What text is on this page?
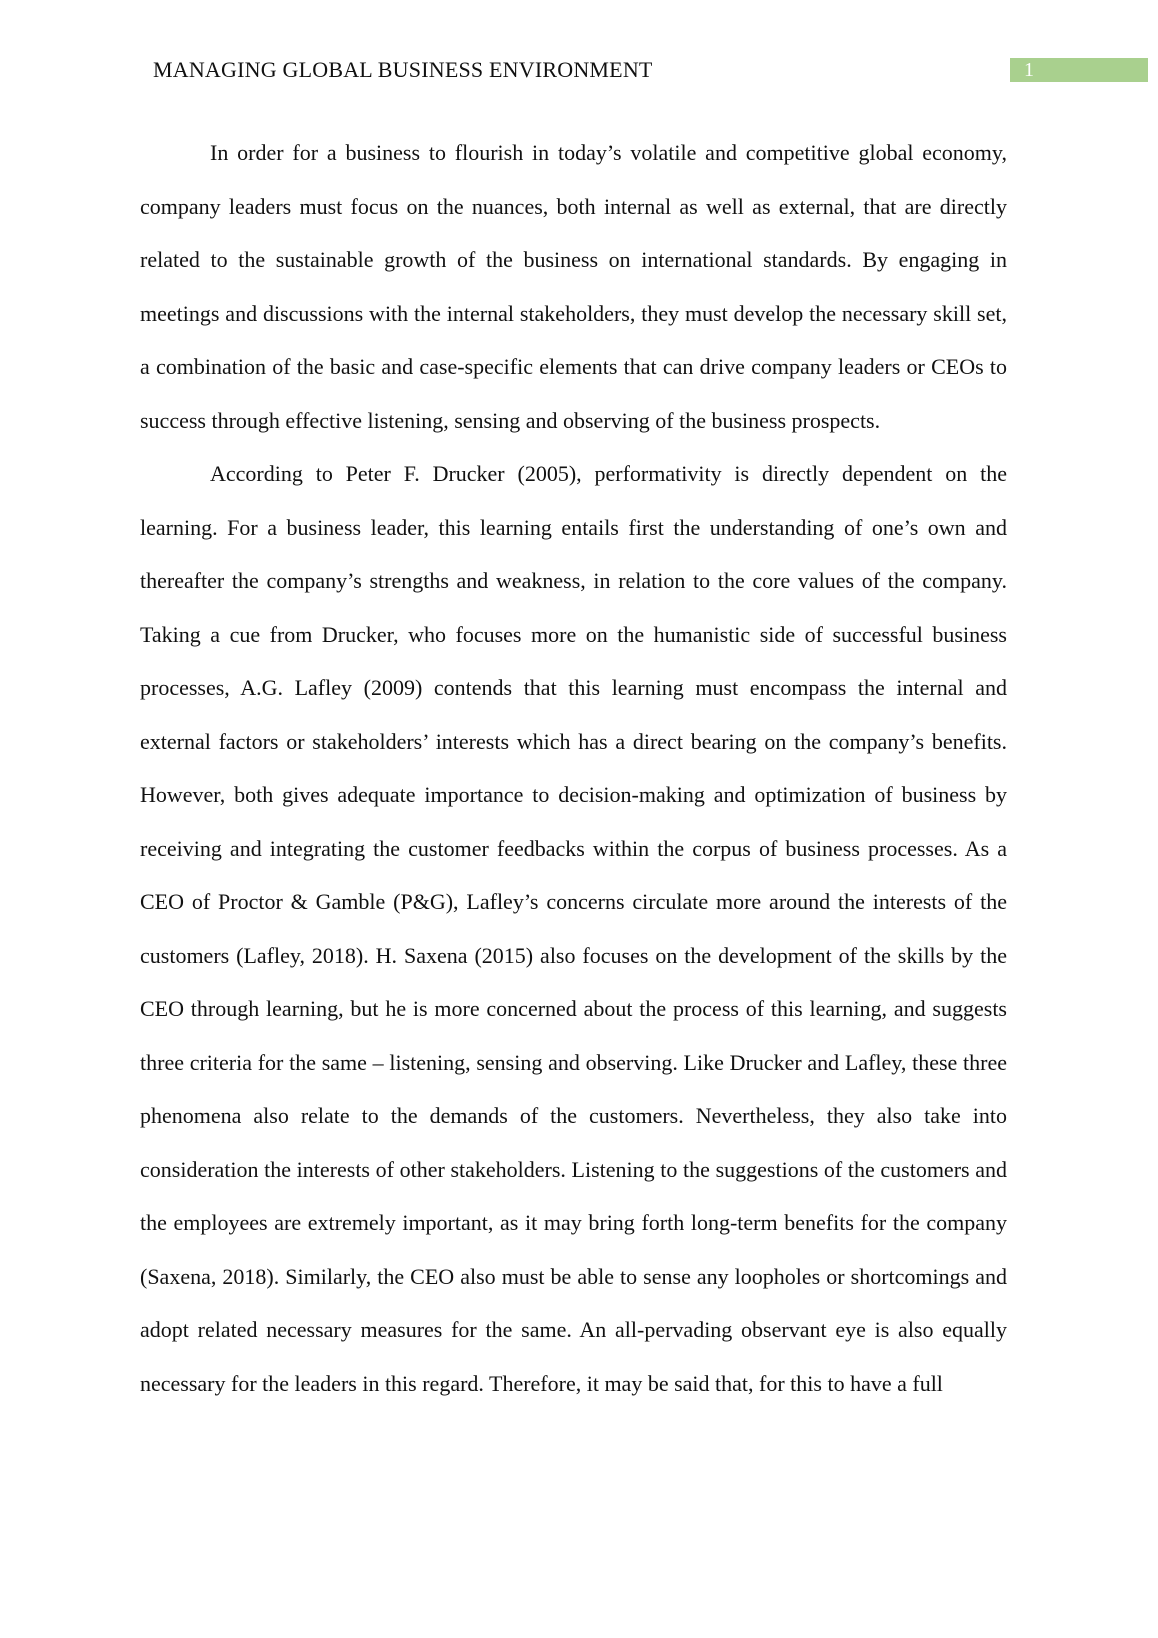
MANAGING GLOBAL BUSINESS ENVIRONMENT	1

In order for a business to flourish in today’s volatile and competitive global economy, company leaders must focus on the nuances, both internal as well as external, that are directly related to the sustainable growth of the business on international standards. By engaging in meetings and discussions with the internal stakeholders, they must develop the necessary skill set, a combination of the basic and case-specific elements that can drive company leaders or CEOs to success through effective listening, sensing and observing of the business prospects.

According to Peter F. Drucker (2005), performativity is directly dependent on the learning. For a business leader, this learning entails first the understanding of one’s own and thereafter the company’s strengths and weakness, in relation to the core values of the company. Taking a cue from Drucker, who focuses more on the humanistic side of successful business processes, A.G. Lafley (2009) contends that this learning must encompass the internal and external factors or stakeholders’ interests which has a direct bearing on the company’s benefits. However, both gives adequate importance to decision-making and optimization of business by receiving and integrating the customer feedbacks within the corpus of business processes. As a CEO of Proctor & Gamble (P&G), Lafley’s concerns circulate more around the interests of the customers (Lafley, 2018). H. Saxena (2015) also focuses on the development of the skills by the CEO through learning, but he is more concerned about the process of this learning, and suggests three criteria for the same – listening, sensing and observing. Like Drucker and Lafley, these three phenomena also relate to the demands of the customers. Nevertheless, they also take into consideration the interests of other stakeholders. Listening to the suggestions of the customers and the employees are extremely important, as it may bring forth long-term benefits for the company (Saxena, 2018). Similarly, the CEO also must be able to sense any loopholes or shortcomings and adopt related necessary measures for the same. An all-pervading observant eye is also equally necessary for the leaders in this regard. Therefore, it may be said that, for this to have a full
